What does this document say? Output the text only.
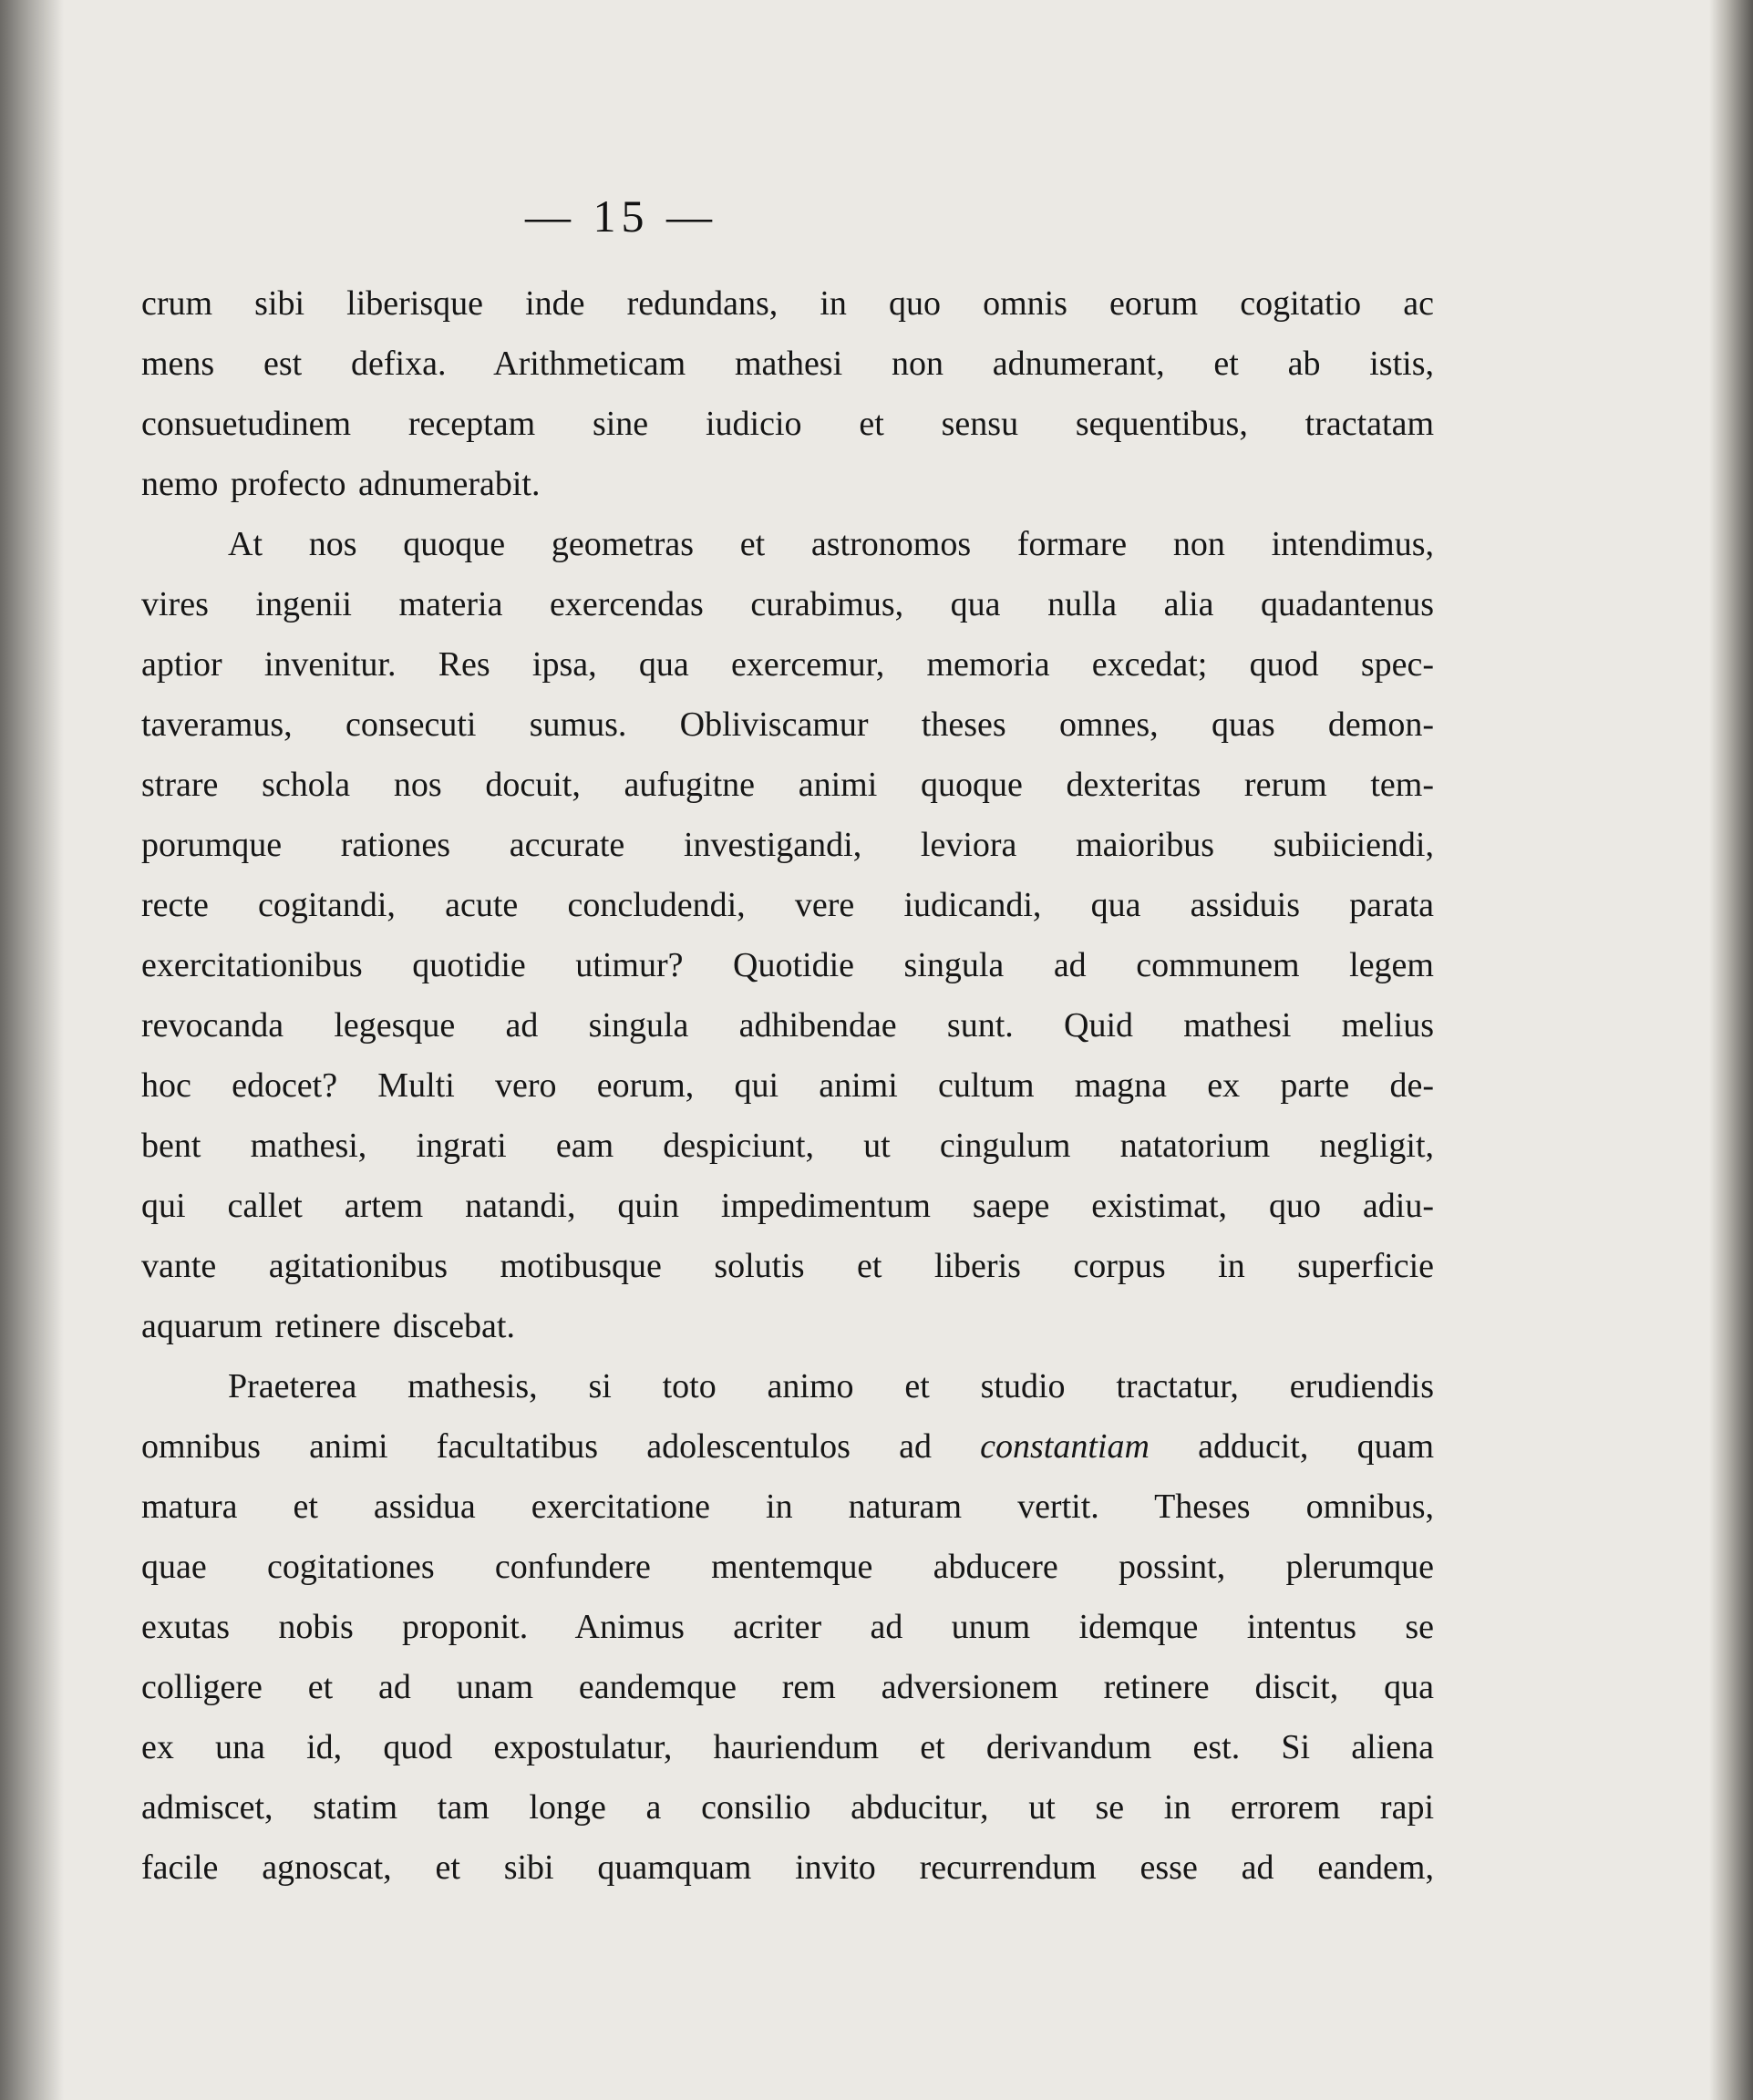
— 15 —
crum sibi liberisque inde redundans, in quo omnis eorum cogitatio ac
mens est defixa. Arithmeticam mathesi non adnumerant, et ab istis,
consuetudinem receptam sine iudicio et sensu sequentibus, tractatam
nemo profecto adnumerabit.
At nos quoque geometras et astronomos formare non intendimus,
vires ingenii materia exercendas curabimus, qua nulla alia quadantenus
aptior invenitur. Res ipsa, qua exercemur, memoria excedat; quod spec-
taveramus, consecuti sumus. Obliviscamur theses omnes, quas demon-
strare schola nos docuit, aufugitne animi quoque dexteritas rerum tem-
porumque rationes accurate investigandi, leviora maioribus subiiciendi,
recte cogitandi, acute concludendi, vere iudicandi, qua assiduis parata
exercitationibus quotidie utimur? Quotidie singula ad communem legem
revocanda legesque ad singula adhibendae sunt. Quid mathesi melius
hoc edocet? Multi vero eorum, qui animi cultum magna ex parte de-
bent mathesi, ingrati eam despiciunt, ut cingulum natatorium negligit,
qui callet artem natandi, quin impedimentum saepe existimat, quo adiu-
vante agitationibus motibusque solutis et liberis corpus in superficie
aquarum retinere discebat.
Praeterea mathesis, si toto animo et studio tractatur, erudiendis
omnibus animi facultatibus adolescentulos ad constantiam adducit, quam
matura et assidua exercitatione in naturam vertit. Theses omnibus,
quae cogitationes confundere mentemque abducere possint, plerumque
exutas nobis proponit. Animus acriter ad unum idemque intentus se
colligere et ad unam eandemque rem adversionem retinere discit, qua
ex una id, quod expostulatur, hauriendum et derivandum est. Si aliena
admiscet, statim tam longe a consilio abducitur, ut se in errorem rapi
facile agnoscat, et sibi quamquam invito recurrendum esse ad eandem,
